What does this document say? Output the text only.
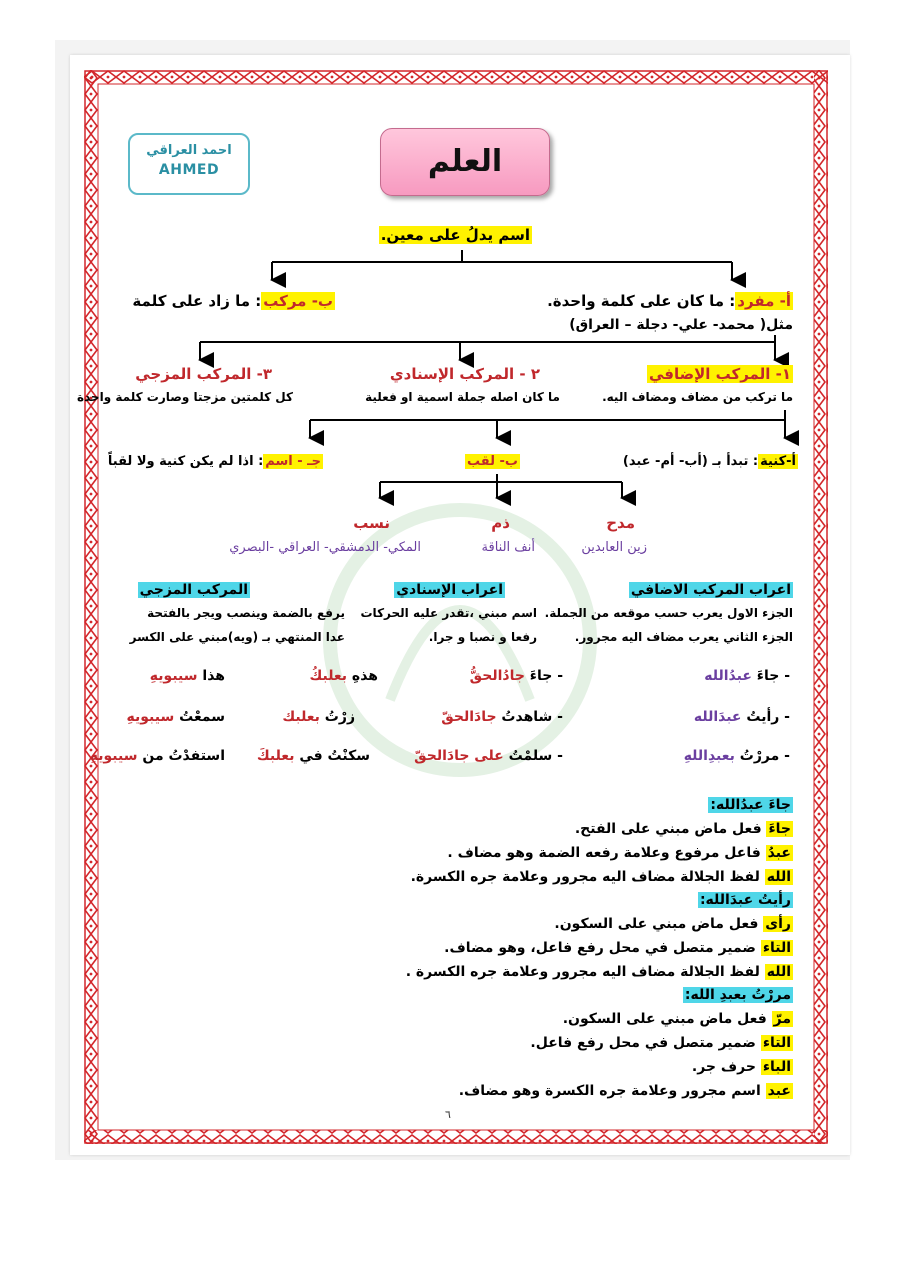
احمد العراقي
AHMED	العلم
اسم يدلُ على معين.
أ- مفرد: ما كان على كلمة واحدة.
مثل( محمد- علي- دجلة – العراق)
ب- مركب: ما زاد على كلمة
١- المركب الإضافي
ما تركب من مضاف ومضاف اليه.
٢ - المركب الإسنادي
ما كان اصله جملة اسمية او فعلية
٣- المركب المزجي
كل كلمتين مزجتا وصارت كلمة واحدة
أ-كنية: تبدأ بـ (أب- أم- عبد)
ب- لقب
جـ - اسم: اذا لم يكن كنية ولا لقباً
مدح
ذم
نسب
زين العابدين
أنف الناقة
المكي- الدمشقي- العراقي -البصري
اعراب المركب الاضافي
الجزء الاول يعرب حسب موقعه من الجملة.
الجزء الثاني يعرب مضاف اليه مجرور.
اعراب الإسنادي
اسم مبني ،تقدر عليه الحركات
رفعا و نصبا و جرا.
المركب المزجي
يرفع بالضمة وينصب ويجر بالفتحة
عدا المنتهي بـ (ويه)مبني على الكسر
- جاءَ عبدُالله
- جاءَ جادُالحقُّ
هذهِ بعلبكُ
هذا سيبويهِ
- رأيتُ عبدَالله
- شاهدتُ جادَالحقّ
زرْتُ بعلبك
سمعْتُ سيبويهِ
- مررْتُ بعبدِاللهِ
- سلمْتُ على جادَالحقّ
سكنْتُ في بعلبكَ
استفدْتُ من سيبويهِ
جاءَ عبدُالله:
جاءَ فعل ماض مبني على الفتح.
عبدُ فاعل مرفوع وعلامة رفعه الضمة وهو مضاف .
الله لفظ الجلالة مضاف اليه مجرور وعلامة جره الكسرة.
رأيتُ عبدَالله:
رأى فعل ماض مبني على السكون.
التاء ضمير متصل في محل رفع فاعل، وهو مضاف.
الله لفظ الجلالة مضاف اليه مجرور وعلامة جره الكسرة .
مررْتُ بعبدِ الله:
مرّ فعل ماض مبني على السكون.
التاء ضمير متصل في محل رفع فاعل.
الباء حرف جر.
عبد اسم مجرور وعلامة جره الكسرة وهو مضاف.
٦
